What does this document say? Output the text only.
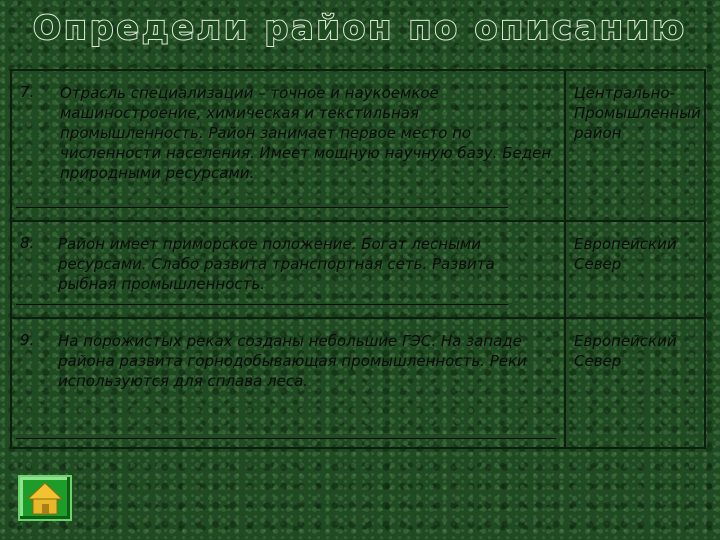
Определи район по описанию
7. Отрасль специализации – точное и наукоемкое машиностроение, химическая и текстильная промышленность. Район занимает первое место по численности населения. Имеет мощную научную базу. Беден природными ресурсами.
Центрально-Промышленный район
8. Район имеет приморское положение. Богат лесными ресурсами. Слабо развита транспортная сеть. Развита рыбная промышленность.
Европейский Север
9. На порожистых реках созданы небольшие ГЭС. На западе района развита горнодобывающая промышленность. Реки используются для сплава леса.
Европейский Север
